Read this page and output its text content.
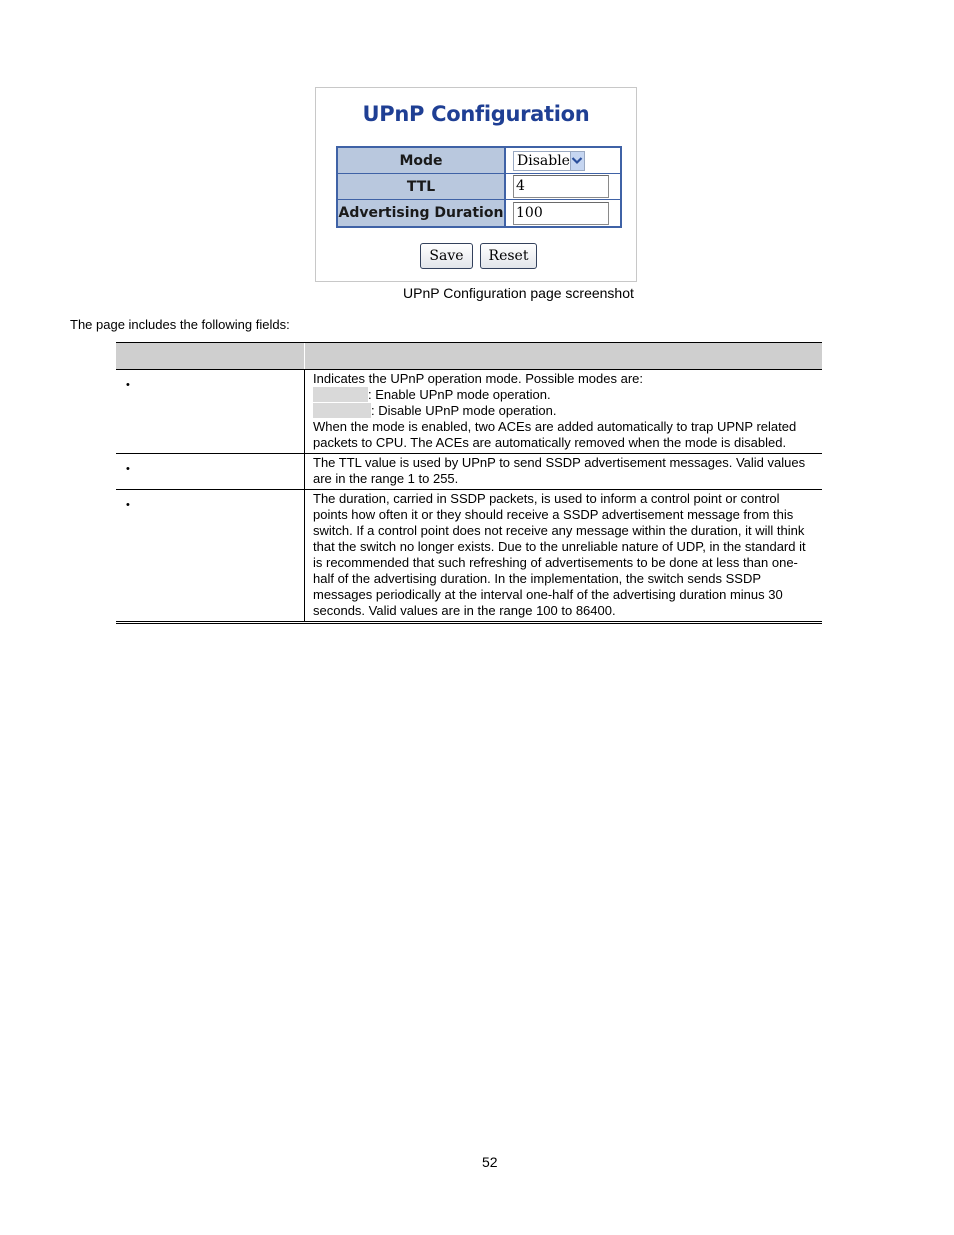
UPnP Configuration
Mode	Disable
TTL	4
Advertising Duration 100
Save	Reset
UPnP Configuration page screenshot
The page includes the following fields:
•	Indicates the UPnP operation mode. Possible modes are:
: Enable UPnP mode operation.
: Disable UPnP mode operation.
When the mode is enabled, two ACEs are added automatically to trap UPNP related packets to CPU. The ACEs are automatically removed when the mode is disabled.
•	The TTL value is used by UPnP to send SSDP advertisement messages. Valid values are in the range 1 to 255.
•	The duration, carried in SSDP packets, is used to inform a control point or control points how often it or they should receive a SSDP advertisement message from this switch. If a control point does not receive any message within the duration, it will think that the switch no longer exists. Due to the unreliable nature of UDP, in the standard it is recommended that such refreshing of advertisements to be done at less than one-half of the advertising duration. In the implementation, the switch sends SSDP messages periodically at the interval one-half of the advertising duration minus 30 seconds. Valid values are in the range 100 to 86400.
52
